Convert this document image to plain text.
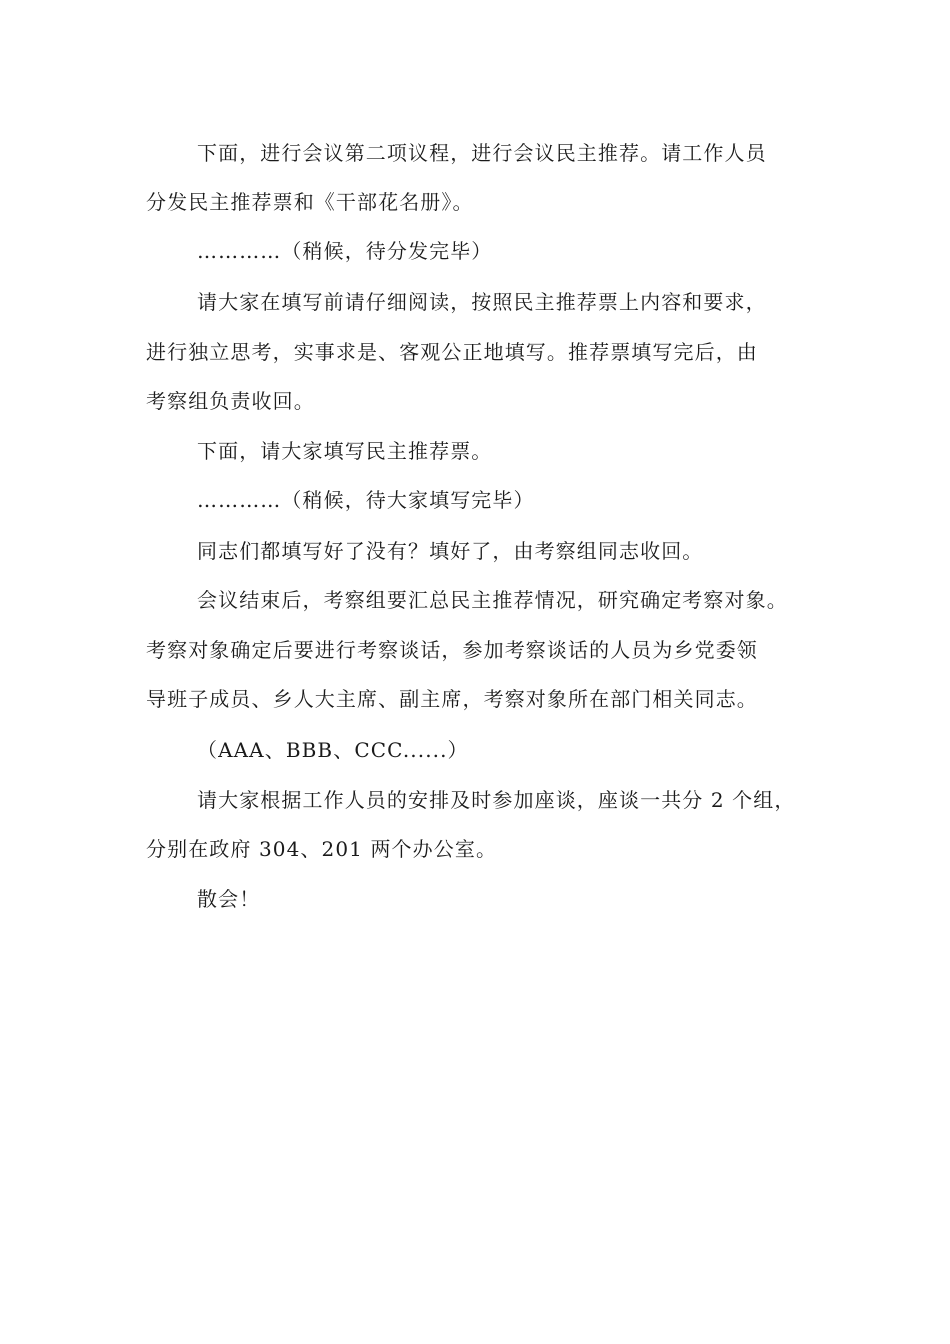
下面，进行会议第二项议程，进行会议民主推荐。请工作人员
分发民主推荐票和《干部花名册》。
…………（稍候，待分发完毕）
请大家在填写前请仔细阅读，按照民主推荐票上内容和要求，
进行独立思考，实事求是、客观公正地填写。推荐票填写完后，由
考察组负责收回。
下面，请大家填写民主推荐票。
…………（稍候，待大家填写完毕）
同志们都填写好了没有？填好了，由考察组同志收回。
会议结束后，考察组要汇总民主推荐情况，研究确定考察对象。
考察对象确定后要进行考察谈话，参加考察谈话的人员为乡党委领
导班子成员、乡人大主席、副主席，考察对象所在部门相关同志。
（AAA、BBB、CCC......）
请大家根据工作人员的安排及时参加座谈，座谈一共分 2 个组，
分别在政府 304、201 两个办公室。
散会！
